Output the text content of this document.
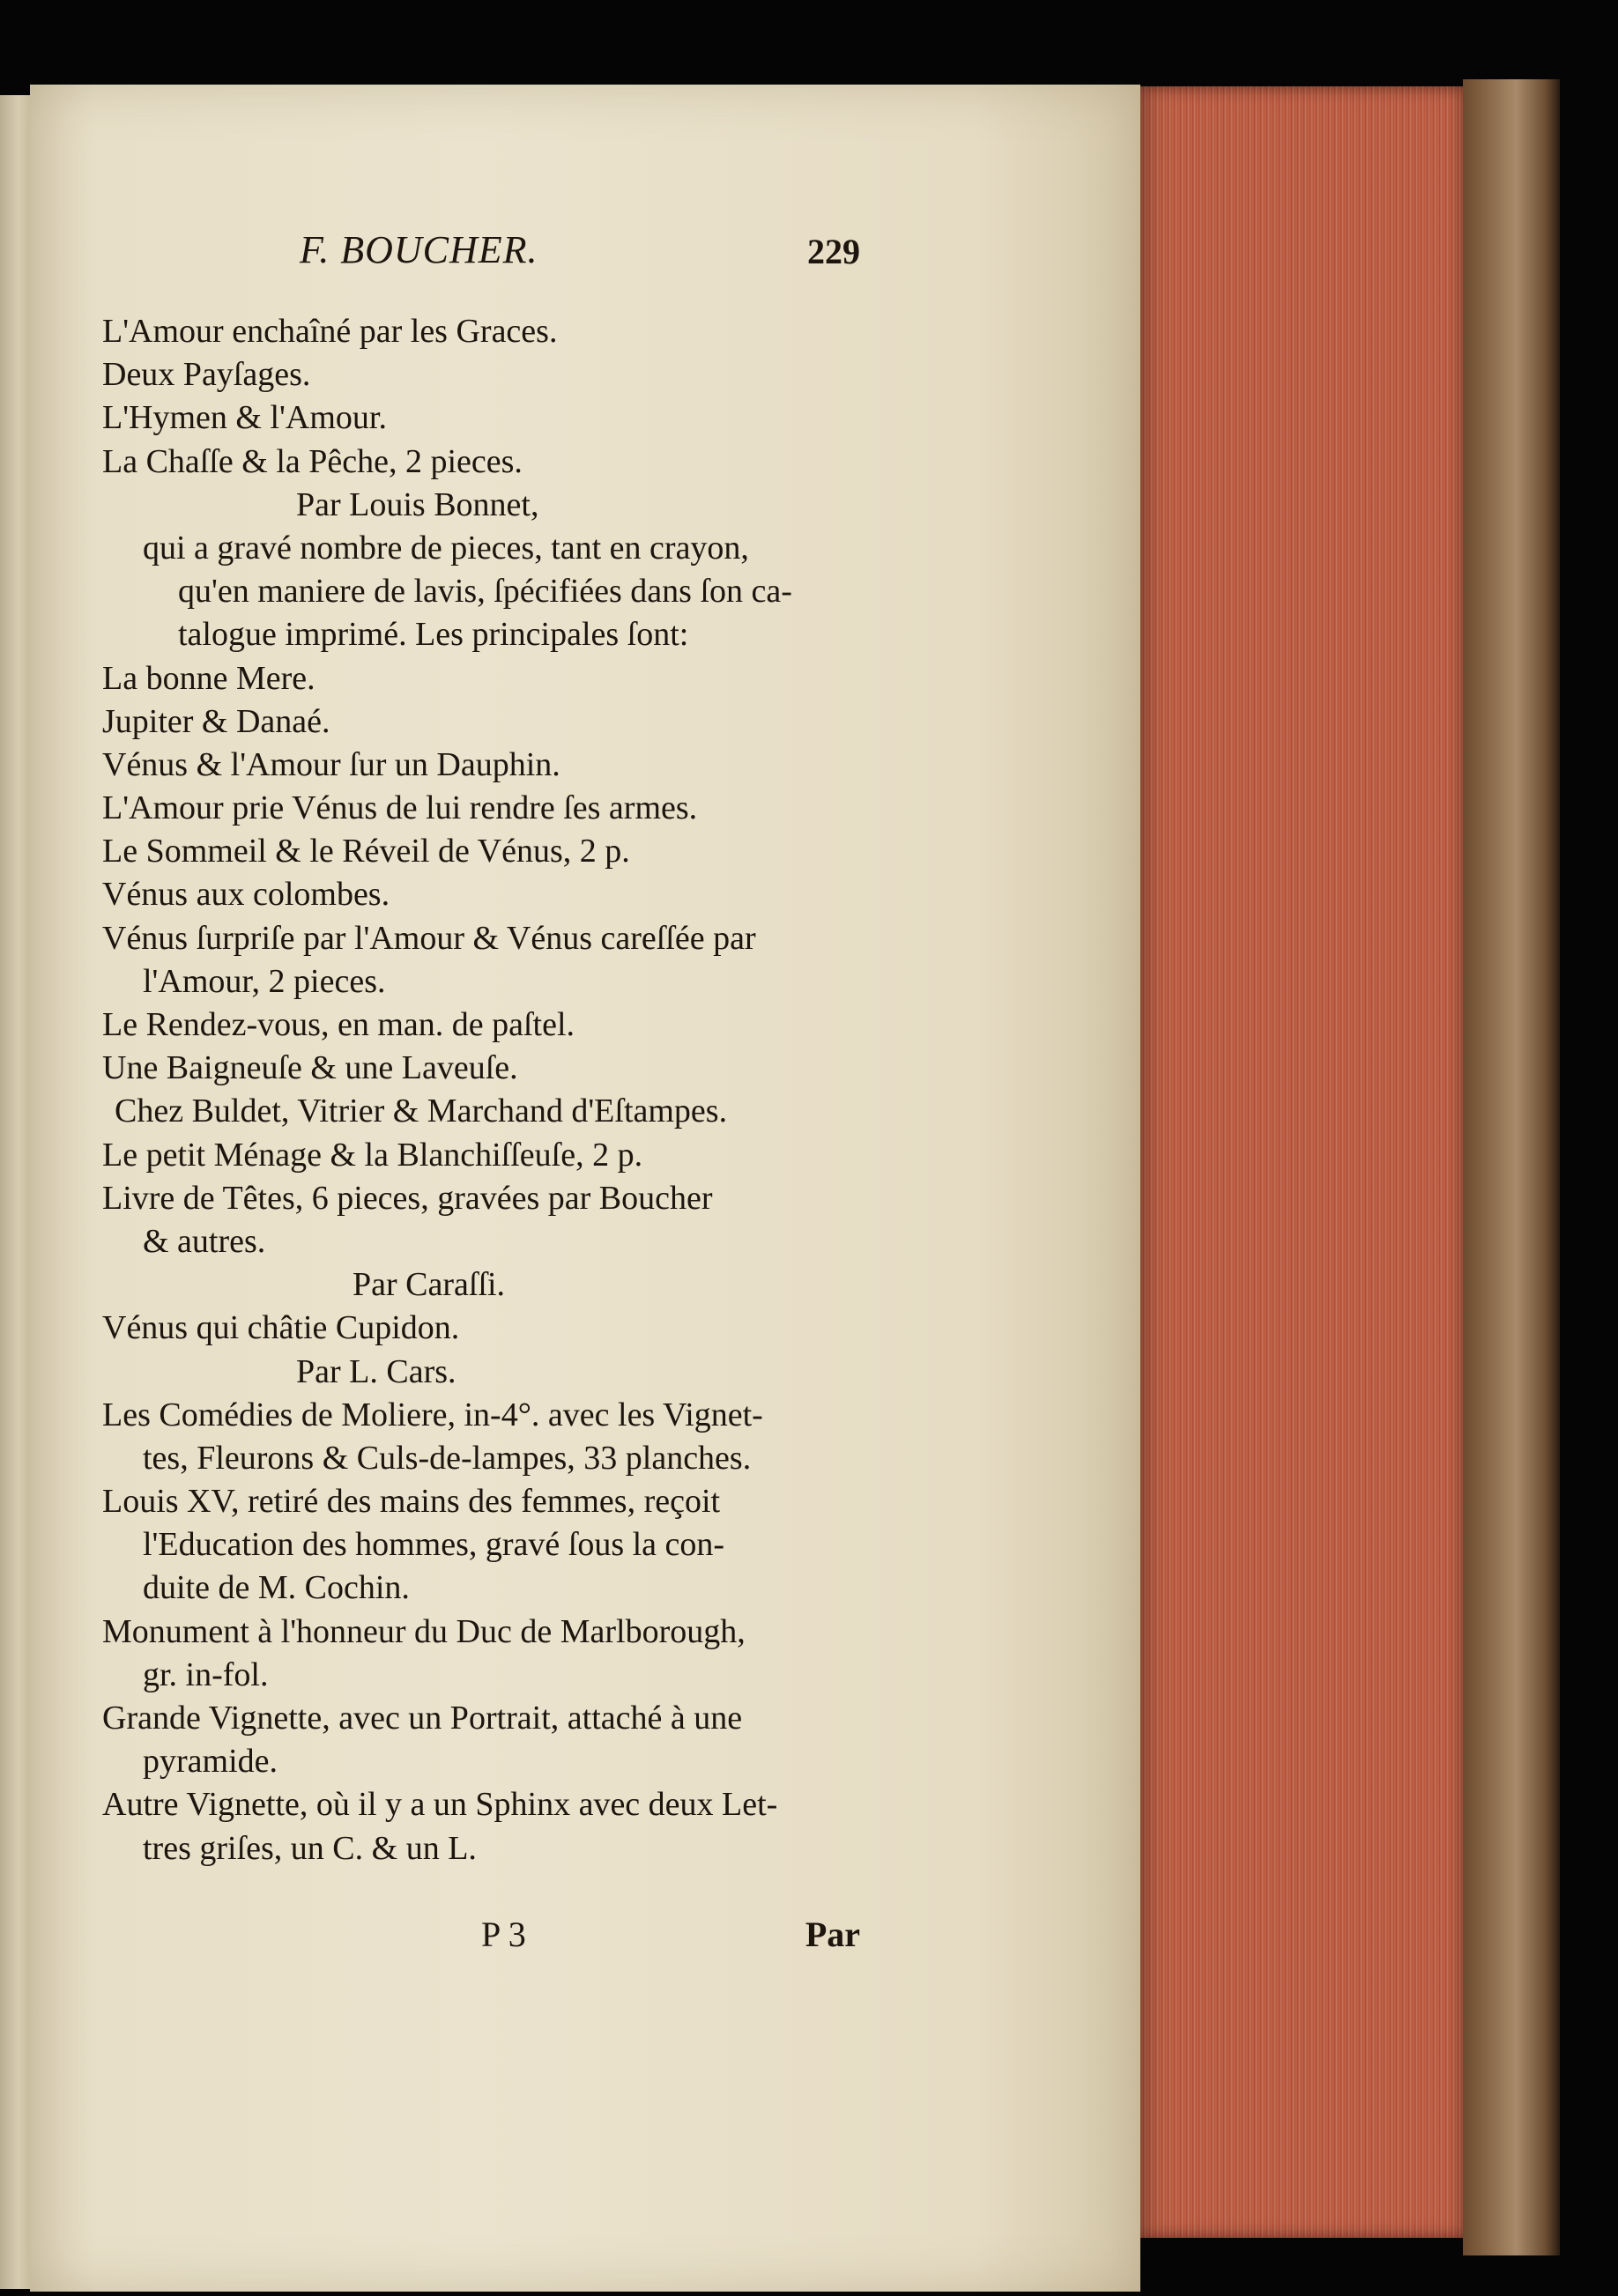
F. BOUCHER.	229
L'Amour enchaîné par les Graces.
Deux Payſages.
L'Hymen & l'Amour.
La Chaſſe & la Pêche, 2 pieces.
Par Louis Bonnet,
qui a gravé nombre de pieces, tant en crayon,
qu'en maniere de lavis, ſpécifiées dans ſon ca-
talogue imprimé. Les principales ſont:
La bonne Mere.
Jupiter & Danaé.
Vénus & l'Amour ſur un Dauphin.
L'Amour prie Vénus de lui rendre ſes armes.
Le Sommeil & le Réveil de Vénus, 2 p.
Vénus aux colombes.
Vénus ſurpriſe par l'Amour & Vénus careſſée par
l'Amour, 2 pieces.
Le Rendez-vous, en man. de paſtel.
Une Baigneuſe & une Laveuſe.
Chez Buldet, Vitrier & Marchand d'Eſtampes.
Le petit Ménage & la Blanchiſſeuſe, 2 p.
Livre de Têtes, 6 pieces, gravées par Boucher
& autres.
Par Caraſſi.
Vénus qui châtie Cupidon.
Par L. Cars.
Les Comédies de Moliere, in-4°. avec les Vignet-
tes, Fleurons & Culs-de-lampes, 33 planches.
Louis XV, retiré des mains des femmes, reçoit
l'Education des hommes, gravé ſous la con-
duite de M. Cochin.
Monument à l'honneur du Duc de Marlborough,
gr. in-fol.
Grande Vignette, avec un Portrait, attaché à une
pyramide.
Autre Vignette, où il y a un Sphinx avec deux Let-
tres griſes, un C. & un L.
P 3	Par
